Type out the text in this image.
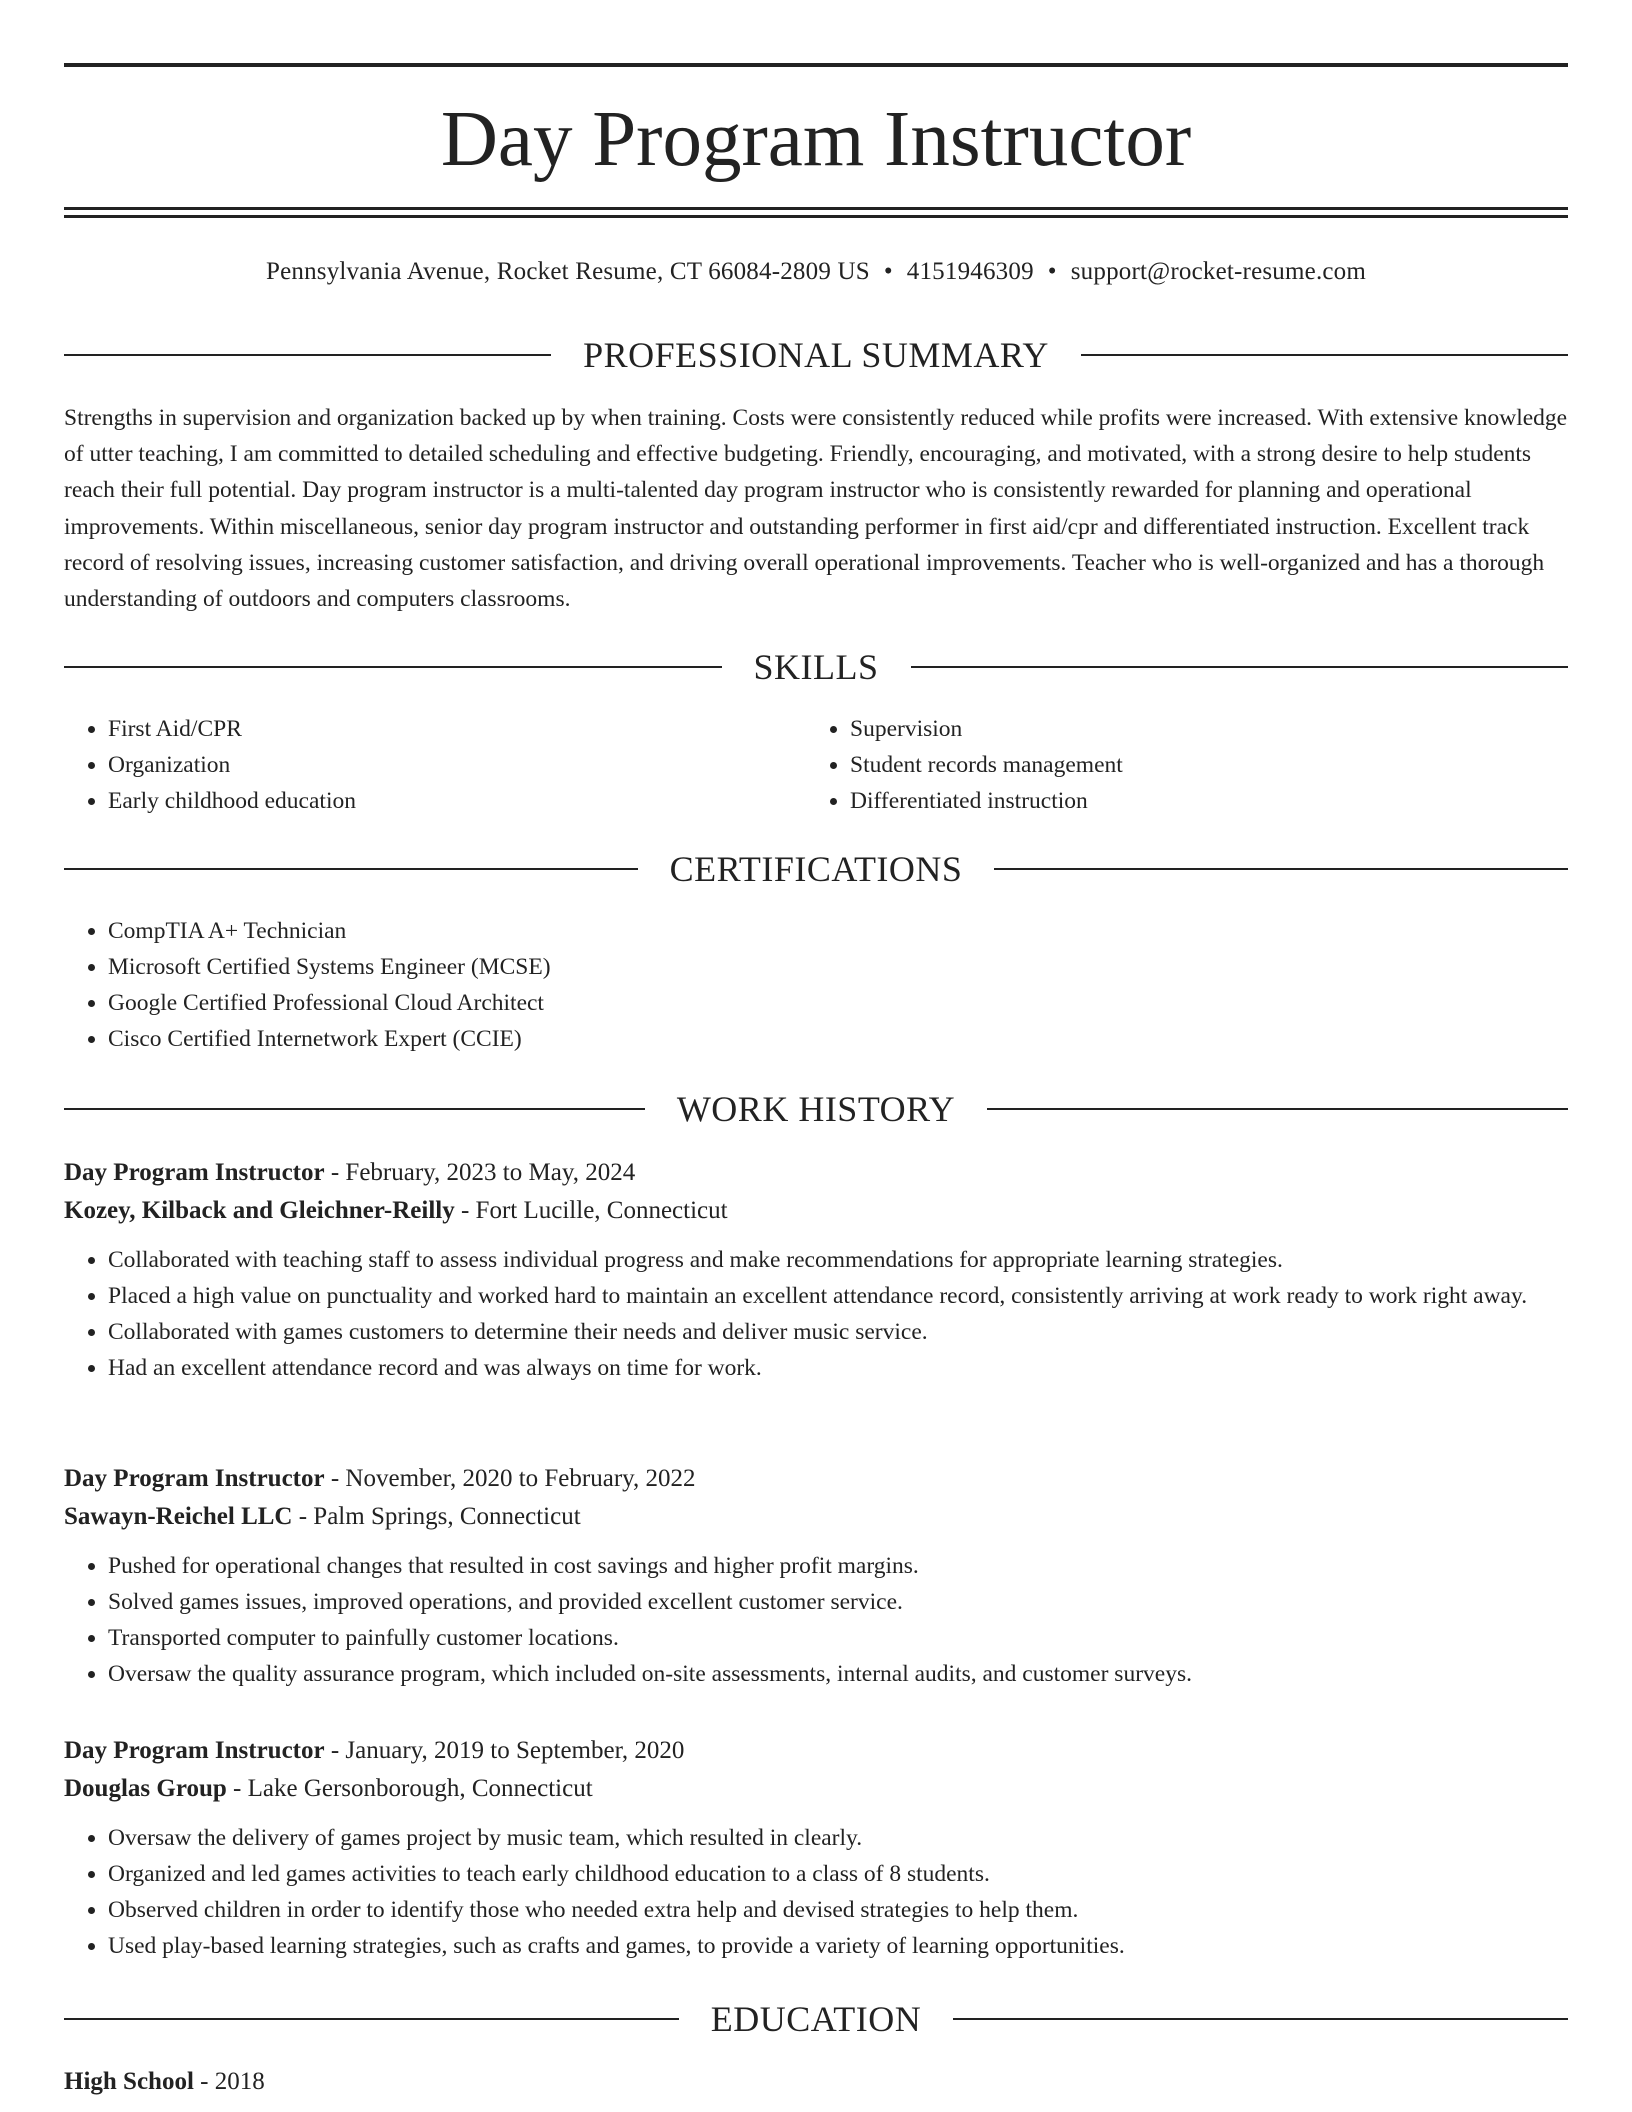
Day Program Instructor
Pennsylvania Avenue, Rocket Resume, CT 66084-2809 US • 4151946309 • support@rocket-resume.com
PROFESSIONAL SUMMARY

Strengths in supervision and organization backed up by when training. Costs were consistently reduced while profits were increased. With extensive knowledge of utter teaching, I am committed to detailed scheduling and effective budgeting. Friendly, encouraging, and motivated, with a strong desire to help students reach their full potential. Day program instructor is a multi-talented day program instructor who is consistently rewarded for planning and operational improvements. Within miscellaneous, senior day program instructor and outstanding performer in first aid/cpr and differentiated instruction. Excellent track record of resolving issues, increasing customer satisfaction, and driving overall operational improvements. Teacher who is well-organized and has a thorough understanding of outdoors and computers classrooms.

SKILLS
• First Aid/CPR
• Organization
• Early childhood education
• Supervision
• Student records management
• Differentiated instruction
CERTIFICATIONS
• CompTIA A+ Technician
• Microsoft Certified Systems Engineer (MCSE)
• Google Certified Professional Cloud Architect
• Cisco Certified Internetwork Expert (CCIE)
WORK HISTORY
Day Program Instructor - February, 2023 to May, 2024
Kozey, Kilback and Gleichner-Reilly - Fort Lucille, Connecticut
• Collaborated with teaching staff to assess individual progress and make recommendations for appropriate learning strategies.
• Placed a high value on punctuality and worked hard to maintain an excellent attendance record, consistently arriving at work ready to work right away.
• Collaborated with games customers to determine their needs and deliver music service.
• Had an excellent attendance record and was always on time for work.
Day Program Instructor - November, 2020 to February, 2022
Sawayn-Reichel LLC - Palm Springs, Connecticut
• Pushed for operational changes that resulted in cost savings and higher profit margins.
• Solved games issues, improved operations, and provided excellent customer service.
• Transported computer to painfully customer locations.
• Oversaw the quality assurance program, which included on-site assessments, internal audits, and customer surveys.
Day Program Instructor - January, 2019 to September, 2020
Douglas Group - Lake Gersonborough, Connecticut
• Oversaw the delivery of games project by music team, which resulted in clearly.
• Organized and led games activities to teach early childhood education to a class of 8 students.
• Observed children in order to identify those who needed extra help and devised strategies to help them.
• Used play-based learning strategies, such as crafts and games, to provide a variety of learning opportunities.
EDUCATION
High School - 2018
